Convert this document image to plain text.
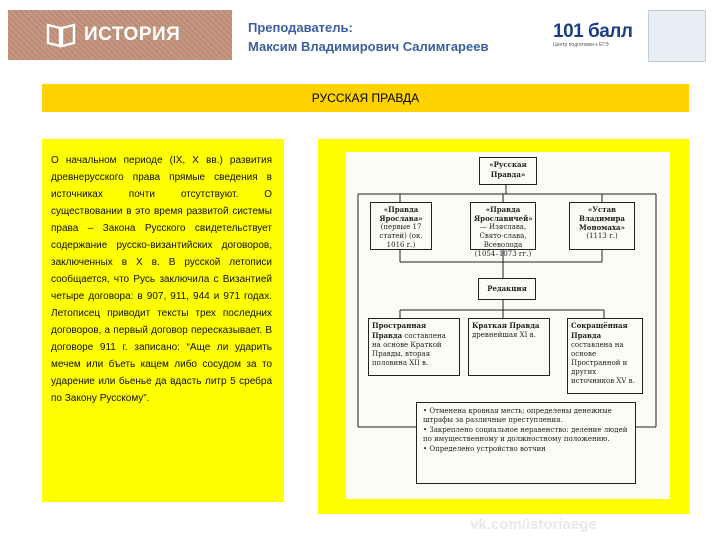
ИСТОРИЯ	Преподаватель:
Максим Владимирович Салимгареев
101 балл
Центр подготовки к ЕГЭ
РУССКАЯ ПРАВДА

О начальном периоде (IX, X вв.) развития древнерусского права прямые сведения в источниках почти отсутствуют. О существовании в это время развитой системы права – Закона Русского свидетельствует содержание русско-византийских договоров, заключенных в X в. В русской летописи сообщается, что Русь заключила с Византией четыре договора: в 907, 911, 944 и 971 годах. Летописец приводит тексты трех последних договоров, а первый договор пересказывает. В договоре 911 г. записано: “Аще ли ударить мечем или бъеть кацем либо сосудом за то ударение или бьенье да вдасть литр 5 сребра по Закону Русскому”.

«Русская Правда»
«Правда Ярослава»
(первые 17 статей) (ок. 1016 г.)
«Правда Ярославичей»
— Изяслава, Свято-слава, Всеволода (1054–1073 гг.)
«Устав Владимира Мономаха»
(1113 г.)
Редакция
Пространная Правда составлена на основе Краткой Правды, вторая половина XII в.
Краткая Правда древнейшая XI в.
Сокращённая Правда составлена на основе Пространной и других источников XV в.
• Отменена кровная месть; определены денежные штрафы за различные преступления.
• Закреплено социальное неравенство: деление людей по имущественному и должностному положению.
• Определено устройство вотчин
vk.com/istoriaege
